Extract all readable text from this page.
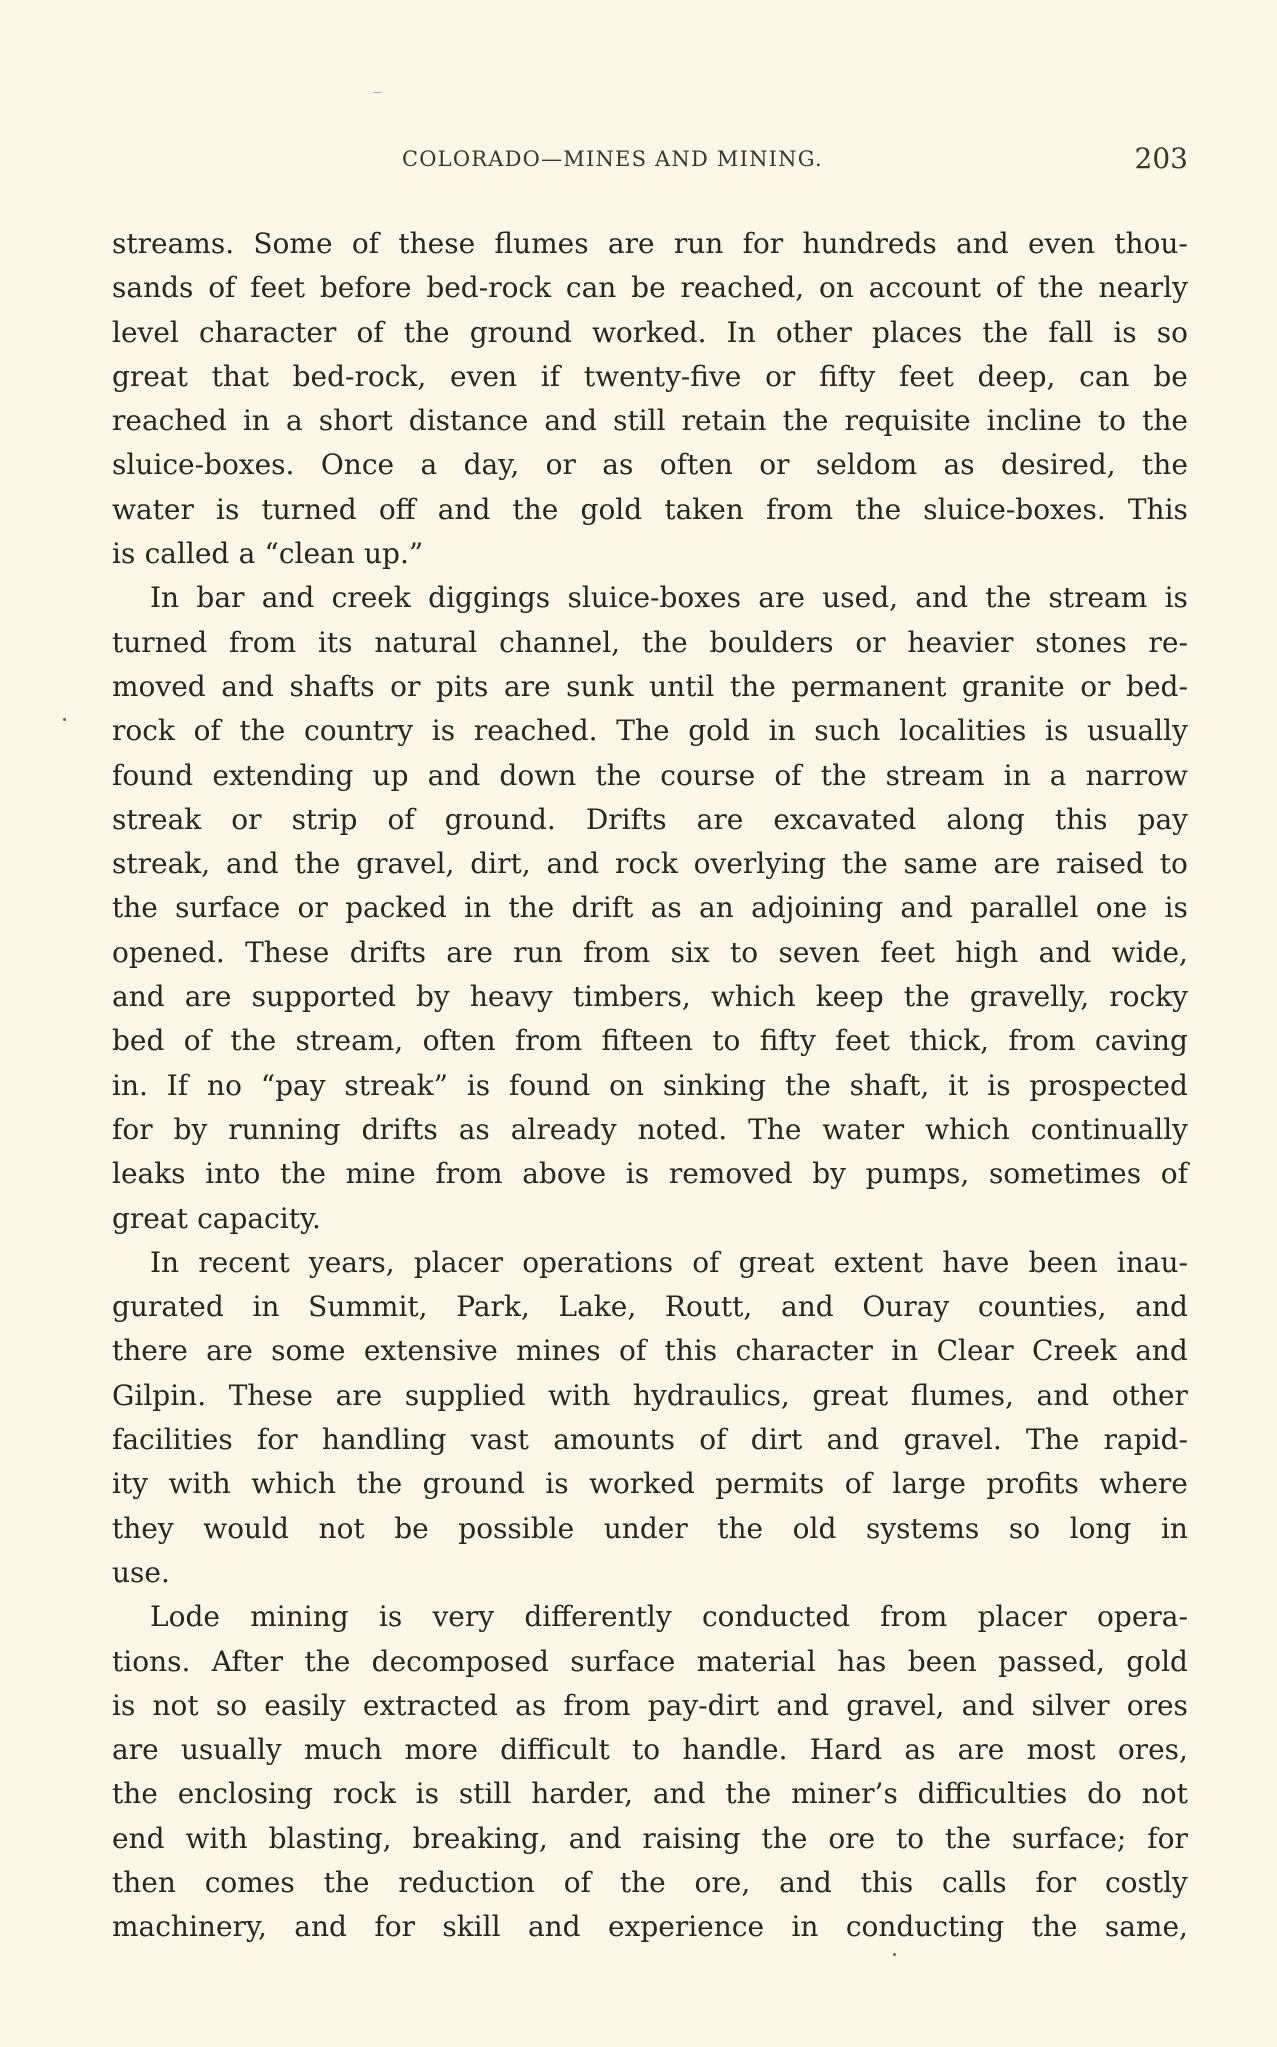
COLORADO—MINES AND MINING.	203
streams. Some of these flumes are run for hundreds and even thou-
sands of feet before bed-rock can be reached, on account of the nearly
level character of the ground worked. In other places the fall is so
great that bed-rock, even if twenty-five or fifty feet deep, can be
reached in a short distance and still retain the requisite incline to the
sluice-boxes. Once a day, or as often or seldom as desired, the
water is turned off and the gold taken from the sluice-boxes. This
is called a “clean up.”
In bar and creek diggings sluice-boxes are used, and the stream is
turned from its natural channel, the boulders or heavier stones re-
moved and shafts or pits are sunk until the permanent granite or bed-
rock of the country is reached. The gold in such localities is usually
found extending up and down the course of the stream in a narrow
streak or strip of ground. Drifts are excavated along this pay
streak, and the gravel, dirt, and rock overlying the same are raised to
the surface or packed in the drift as an adjoining and parallel one is
opened. These drifts are run from six to seven feet high and wide,
and are supported by heavy timbers, which keep the gravelly, rocky
bed of the stream, often from fifteen to fifty feet thick, from caving
in. If no “pay streak” is found on sinking the shaft, it is prospected
for by running drifts as already noted. The water which continually
leaks into the mine from above is removed by pumps, sometimes of
great capacity.
In recent years, placer operations of great extent have been inau-
gurated in Summit, Park, Lake, Routt, and Ouray counties, and
there are some extensive mines of this character in Clear Creek and
Gilpin. These are supplied with hydraulics, great flumes, and other
facilities for handling vast amounts of dirt and gravel. The rapid-
ity with which the ground is worked permits of large profits where
they would not be possible under the old systems so long in
use.
Lode mining is very differently conducted from placer opera-
tions. After the decomposed surface material has been passed, gold
is not so easily extracted as from pay-dirt and gravel, and silver ores
are usually much more difficult to handle. Hard as are most ores,
the enclosing rock is still harder, and the miner’s difficulties do not
end with blasting, breaking, and raising the ore to the surface; for
then comes the reduction of the ore, and this calls for costly
machinery, and for skill and experience in conducting the same,
